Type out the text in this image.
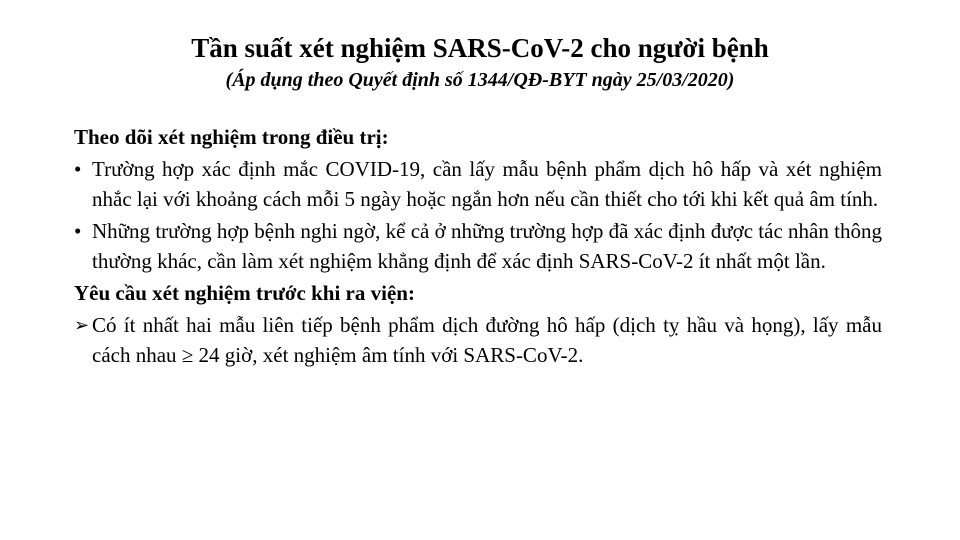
Tần suất xét nghiệm SARS-CoV-2 cho người bệnh
(Áp dụng theo Quyết định số 1344/QĐ-BYT ngày 25/03/2020)
Theo dõi xét nghiệm trong điều trị:
• Trường hợp xác định mắc COVID-19, cần lấy mẫu bệnh phẩm dịch hô hấp và xét nghiệm nhắc lại với khoảng cách mỗi 5 ngày hoặc ngắn hơn nếu cần thiết cho tới khi kết quả âm tính.
• Những trường hợp bệnh nghi ngờ, kể cả ở những trường hợp đã xác định được tác nhân thông thường khác, cần làm xét nghiệm khẳng định để xác định SARS-CoV-2 ít nhất một lần.
Yêu cầu xét nghiệm trước khi ra viện:
➢ Có ít nhất hai mẫu liên tiếp bệnh phẩm dịch đường hô hấp (dịch tỵ hầu và họng), lấy mẫu cách nhau ≥ 24 giờ, xét nghiệm âm tính với SARS-CoV-2.
